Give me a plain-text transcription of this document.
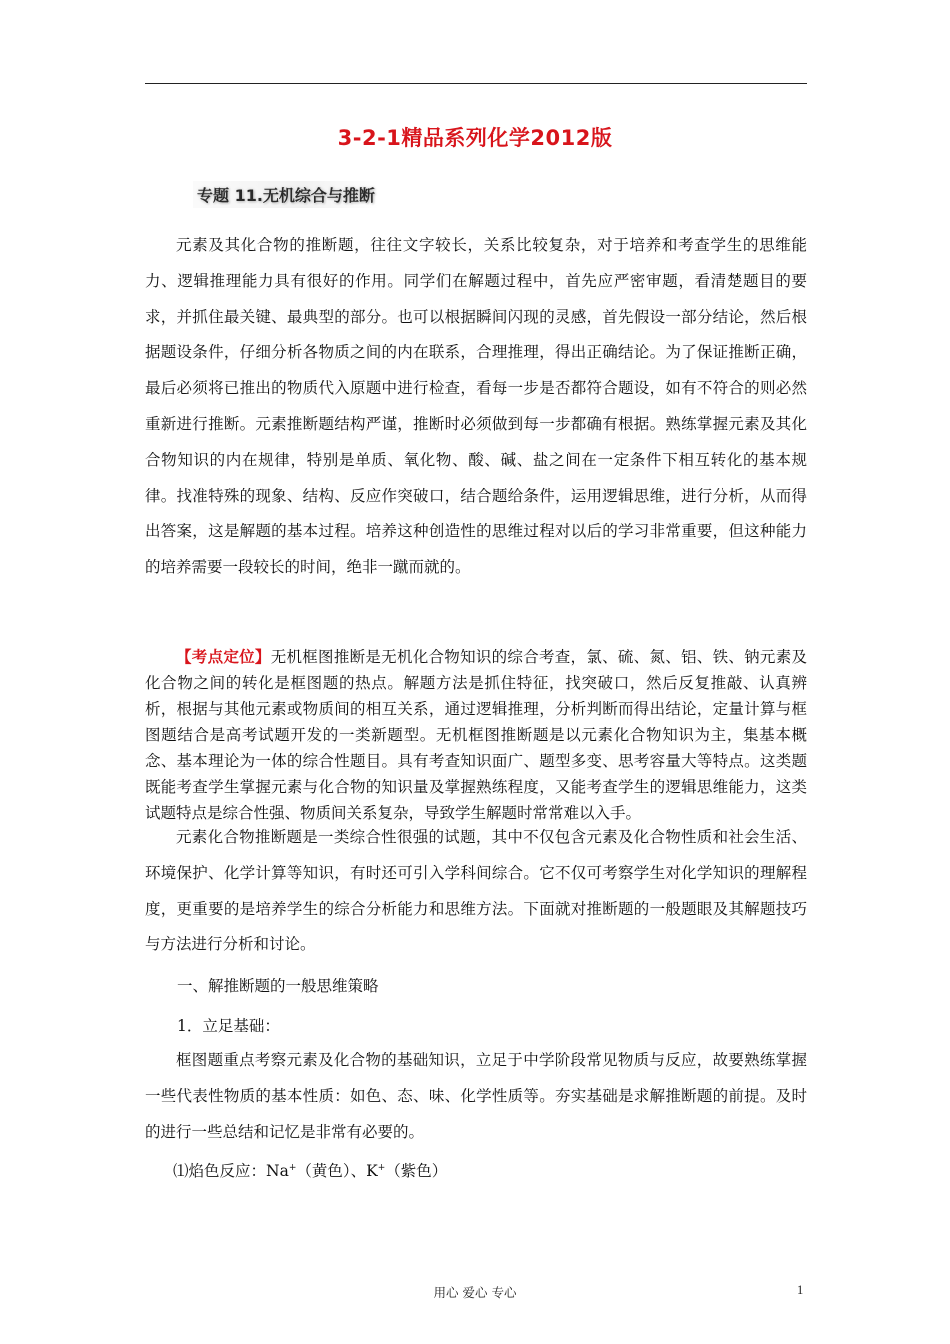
3-2-1精品系列化学2012版
专题 11.无机综合与推断

元素及其化合物的推断题，往往文字较长，关系比较复杂，对于培养和考查学生的思维能力、逻辑推理能力具有很好的作用。同学们在解题过程中，首先应严密审题，看清楚题目的要求，并抓住最关键、最典型的部分。也可以根据瞬间闪现的灵感，首先假设一部分结论，然后根据题设条件，仔细分析各物质之间的内在联系，合理推理，得出正确结论。为了保证推断正确，最后必须将已推出的物质代入原题中进行检查，看每一步是否都符合题设，如有不符合的则必然重新进行推断。元素推断题结构严谨，推断时必须做到每一步都确有根据。熟练掌握元素及其化合物知识的内在规律，特别是单质、氧化物、酸、碱、盐之间在一定条件下相互转化的基本规律。找准特殊的现象、结构、反应作突破口，结合题给条件，运用逻辑思维，进行分析，从而得出答案，这是解题的基本过程。培养这种创造性的思维过程对以后的学习非常重要，但这种能力的培养需要一段较长的时间，绝非一蹴而就的。

【考点定位】无机框图推断是无机化合物知识的综合考查，氯、硫、氮、铝、铁、钠元素及化合物之间的转化是框图题的热点。解题方法是抓住特征，找突破口，然后反复推敲、认真辨析，根据与其他元素或物质间的相互关系，通过逻辑推理，分析判断而得出结论，定量计算与框图题结合是高考试题开发的一类新题型。无机框图推断题是以元素化合物知识为主，集基本概念、基本理论为一体的综合性题目。具有考查知识面广、题型多变、思考容量大等特点。这类题既能考查学生掌握元素与化合物的知识量及掌握熟练程度，又能考查学生的逻辑思维能力，这类试题特点是综合性强、物质间关系复杂，导致学生解题时常常难以入手。

元素化合物推断题是一类综合性很强的试题，其中不仅包含元素及化合物性质和社会生活、环境保护、化学计算等知识，有时还可引入学科间综合。它不仅可考察学生对化学知识的理解程度，更重要的是培养学生的综合分析能力和思维方法。下面就对推断题的一般题眼及其解题技巧与方法进行分析和讨论。

一、解推断题的一般思维策略
1．立足基础：

框图题重点考察元素及化合物的基础知识，立足于中学阶段常见物质与反应，故要熟练掌握一些代表性物质的基本性质：如色、态、味、化学性质等。夯实基础是求解推断题的前提。及时的进行一些总结和记忆是非常有必要的。

⑴焰色反应：Na+（黄色）、K+（紫色）
用心 爱心 专心	1
